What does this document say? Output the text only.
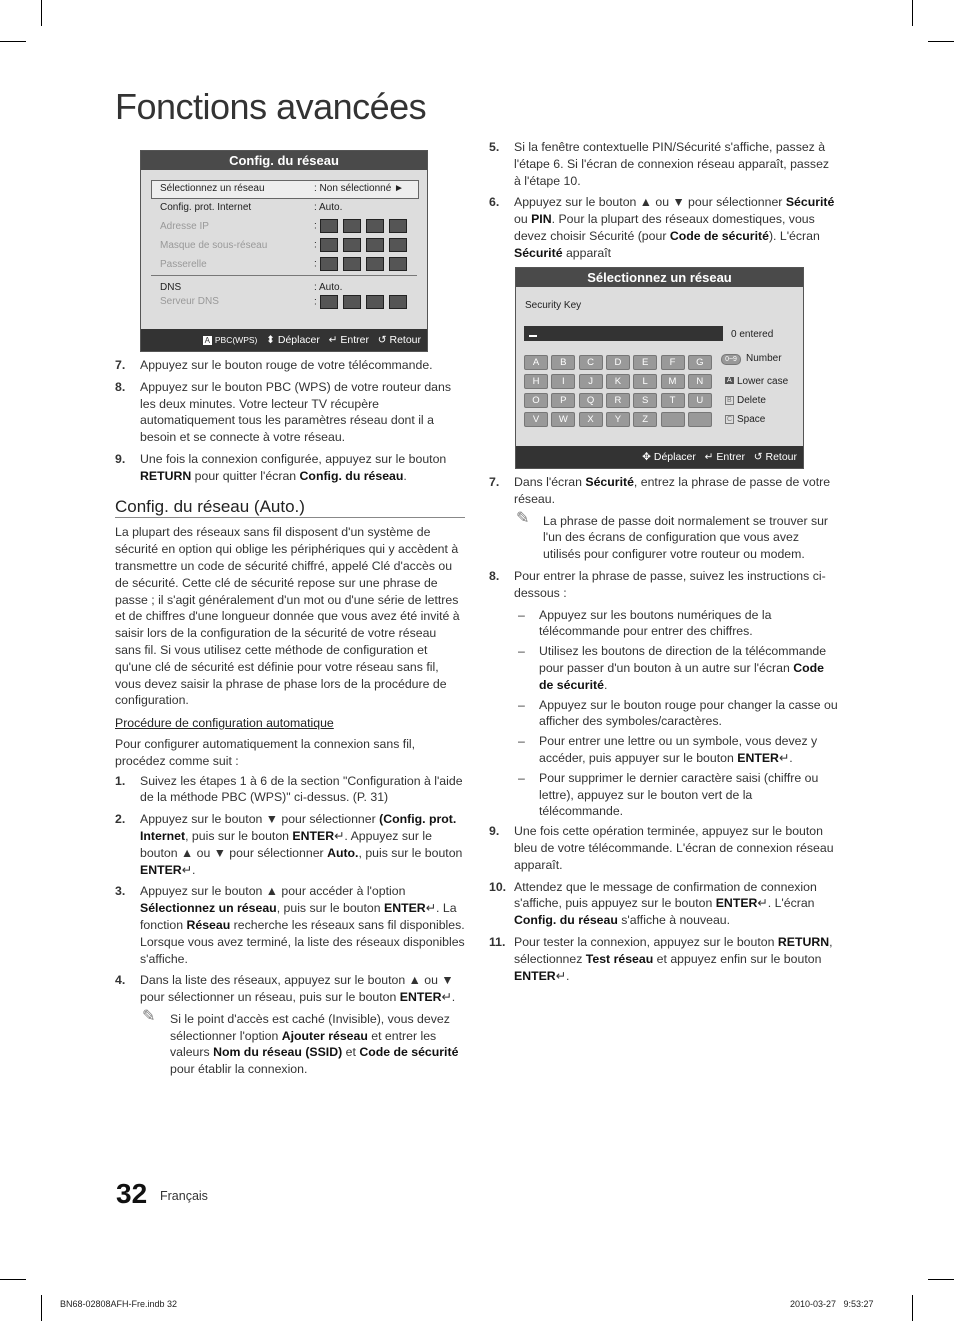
Fonctions avancées
Config. du réseau
Sélectionnez un réseau	: Non sélectionné ►
Config. prot. Internet	: Auto.
Adresse IP	:
Masque de sous-réseau	:
Passerelle	:
DNS	: Auto.
Serveur DNS	:
A PBC(WPS) ⬍ Déplacer ↵ Entrer ↺ Retour
7. Appuyez sur le bouton rouge de votre télécommande.
8. Appuyez sur le bouton PBC (WPS) de votre routeur dans les deux minutes. Votre lecteur TV récupère automatiquement tous les paramètres réseau dont il a besoin et se connecte à votre réseau.
9. Une fois la connexion configurée, appuyez sur le bouton RETURN pour quitter l'écran Config. du réseau.
Config. du réseau (Auto.)

La plupart des réseaux sans fil disposent d'un système de sécurité en option qui oblige les périphériques qui y accèdent à transmettre un code de sécurité chiffré, appelé Clé d'accès ou de sécurité. Cette clé de sécurité repose sur une phrase de passe ; il s'agit généralement d'un mot ou d'une série de lettres et de chiffres d'une longueur donnée que vous avez été invité à saisir lors de la configuration de la sécurité de votre réseau sans fil. Si vous utilisez cette méthode de configuration et qu'une clé de sécurité est définie pour votre réseau sans fil, vous devez saisir la phrase de phase lors de la procédure de configuration.

Procédure de configuration automatique

Pour configurer automatiquement la connexion sans fil, procédez comme suit :

1. Suivez les étapes 1 à 6 de la section "Configuration à l'aide de la méthode PBC (WPS)" ci-dessus. (P. 31)
2. Appuyez sur le bouton ▼ pour sélectionner (Config. prot. Internet, puis sur le bouton ENTER↵. Appuyez sur le bouton ▲ ou ▼ pour sélectionner Auto., puis sur le bouton ENTER↵.
3. Appuyez sur le bouton ▲ pour accéder à l'option Sélectionnez un réseau, puis sur le bouton ENTER↵. La fonction Réseau recherche les réseaux sans fil disponibles. Lorsque vous avez terminé, la liste des réseaux disponibles s'affiche.
4. Dans la liste des réseaux, appuyez sur le bouton ▲ ou ▼ pour sélectionner un réseau, puis sur le bouton ENTER↵.
✎ Si le point d'accès est caché (Invisible), vous devez sélectionner l'option Ajouter réseau et entrer les valeurs Nom du réseau (SSID) et Code de sécurité pour établir la connexion.
5. Si la fenêtre contextuelle PIN/Sécurité s'affiche, passez à l'étape 6. Si l'écran de connexion réseau apparaît, passez à l'étape 10.
6. Appuyez sur le bouton ▲ ou ▼ pour sélectionner Sécurité ou PIN. Pour la plupart des réseaux domestiques, vous devez choisir Sécurité (pour Code de sécurité). L'écran Sécurité apparaît
Sélectionnez un réseau
Security Key
0 entered
A	B	C	D	E	F	G
H	I	J	K	L	M	N
O	P	Q	R	S	T	U
V	W	X	Y	Z
0~9 Number
A Lower case
B Delete
C Space
✥ Déplacer ↵ Entrer ↺ Retour
7. Dans l'écran Sécurité, entrez la phrase de passe de votre réseau.
✎ La phrase de passe doit normalement se trouver sur l'un des écrans de configuration que vous avez utilisés pour configurer votre routeur ou modem.
8. Pour entrer la phrase de passe, suivez les instructions ci-dessous :
– Appuyez sur les boutons numériques de la télécommande pour entrer des chiffres.
– Utilisez les boutons de direction de la télécommande pour passer d'un bouton à un autre sur l'écran Code de sécurité.
– Appuyez sur le bouton rouge pour changer la casse ou afficher des symboles/caractères.
– Pour entrer une lettre ou un symbole, vous devez y accéder, puis appuyer sur le bouton ENTER↵.
– Pour supprimer le dernier caractère saisi (chiffre ou lettre), appuyez sur le bouton vert de la télécommande.
9. Une fois cette opération terminée, appuyez sur le bouton bleu de votre télécommande. L'écran de connexion réseau apparaît.
10. Attendez que le message de confirmation de connexion s'affiche, puis appuyez sur le bouton ENTER↵. L'écran Config. du réseau s'affiche à nouveau.
11. Pour tester la connexion, appuyez sur le bouton RETURN, sélectionnez Test réseau et appuyez enfin sur le bouton ENTER↵.
32 Français
BN68-02808AFH-Fre.indb 32	2010-03-27   9:53:27
